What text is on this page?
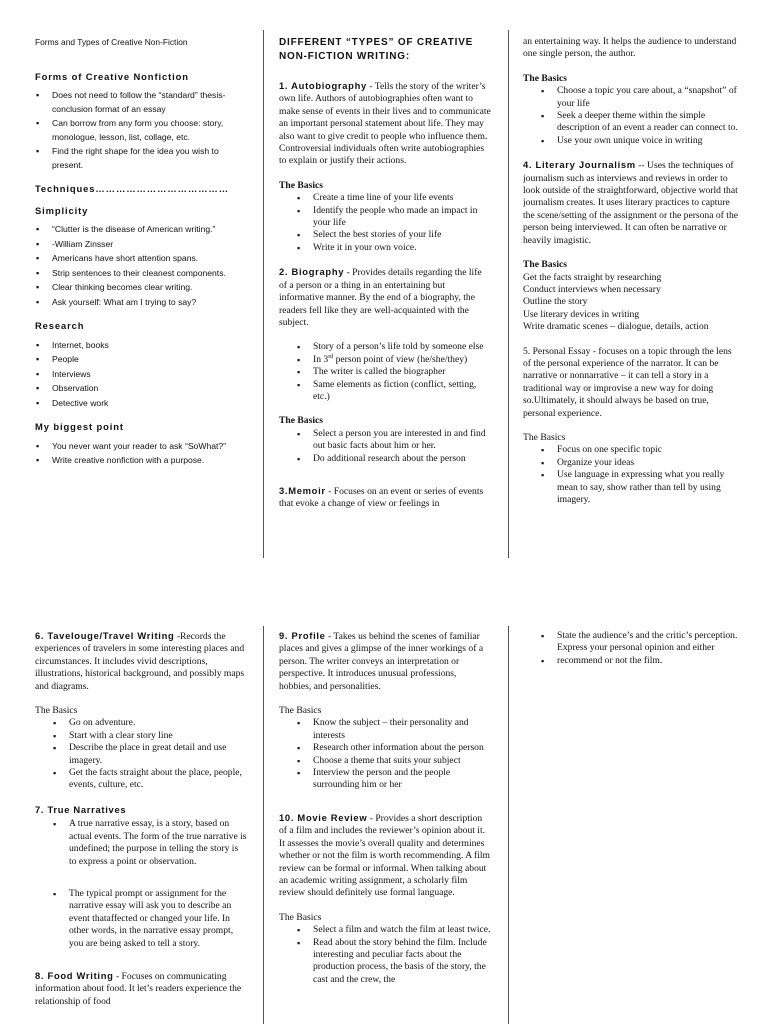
Forms and Types of Creative Non-Fiction
Forms of Creative Nonfiction
▪ Does not need to follow the “standard” thesis-conclusion format of an essay
▪ Can borrow from any form you choose: story, monologue, lesson, list, collage, etc.
▪ Find the right shape for the idea you wish to present.
Techniques…………………………………
Simplicity
▪ “Clutter is the disease of American writing.”
▪ -William Zinsser
▪ Americans have short attention spans.
▪ Strip sentences to their cleanest components.
▪ Clear thinking becomes clear writing.
▪ Ask yourself: What am I trying to say?
Research
▪ Internet, books
▪ People
▪ Interviews
▪ Observation
▪ Detective work
My biggest point
▪ You never want your reader to ask “SoWhat?”
▪ Write creative nonfiction with a purpose.
DIFFERENT “TYPES” OF CREATIVE NON-FICTION WRITING:

1. Autobiography - Tells the story of the writer’s own life. Authors of autobiographies often want to make sense of events in their lives and to communicate an important personal statement about life. They may also want to give credit to people who influence them. Controversial individuals often write autobiographies to explain or justify their actions.

The Basics

▪ Create a time line of your life events
▪ Identify the people who made an impact in your life
▪ Select the best stories of your life
▪ Write it in your own voice.

2. Biography - Provides details regarding the life of a person or a thing in an entertaining but informative manner. By the end of a biography, the readers fell like they are well-acquainted with the subject.

▪ Story of a person’s life told by someone else
▪ In 3rd person point of view (he/she/they)
▪ The writer is called the biographer
▪ Same elements as fiction (conflict, setting, etc.)

The Basics

▪ Select a person you are interested in and find out basic facts about him or her.
▪ Do additional research about the person

3.Memoir - Focuses on an event or series of events that evoke a change of view or feelings in

an entertaining way. It helps the audience to understand one single person, the author.

The Basics

▪ Choose a topic you care about, a “snapshot” of your life
▪ Seek a deeper theme within the simple description of an event a reader can connect to.
▪ Use your own unique voice in writing

4. Literary Journalism -- Uses the techniques of journalism such as interviews and reviews in order to look outside of the straightforward, objective world that journalism creates. It uses literary practices to capture the scene/setting of the assignment or the persona of the person being interviewed. It can often be narrative or heavily imagistic.

The Basics

Get the facts straight by researching

Conduct interviews when necessary

Outline the story

Use literary devices in writing

Write dramatic scenes – dialogue, details, action

5. Personal Essay - focuses on a topic through the lens of the personal experience of the narrator. It can be narrative or nonnarrative – it can tell a story in a traditional way or improvise a new way for doing so.Ultimately, it should always be based on true, personal experience.

The Basics

▪ Focus on one specific topic
▪ Organize your ideas
▪ Use language in expressing what you really mean to say, show rather than tell by using imagery.

6. Tavelouge/Travel Writing -Records the experiences of travelers in some interesting places and circumstances. It includes vivid descriptions, illustrations, historical background, and possibly maps and diagrams.

The Basics

▪ Go on adventure.
▪ Start with a clear story line
▪ Describe the place in great detail and use imagery.
▪ Get the facts straight about the place, people, events, culture, etc.

7. True Narratives

▪ A true narrative essay, is a story, based on actual events. The form of the true narrative is undefined; the purpose in telling the story is to express a point or observation.
▪ The typical prompt or assignment for the narrative essay will ask you to describe an event thataffected or changed your life. In other words, in the narrative essay prompt, you are being asked to tell a story.

8. Food Writing - Focuses on communicating information about food. It let’s readers experience the relationship of food

9. Profile - Takes us behind the scenes of familiar places and gives a glimpse of the inner workings of a person. The writer conveys an interpretation or perspective. It introduces unusual professions, hobbies, and personalities.

The Basics

▪ Know the subject – their personality and interests
▪ Research other information about the person
▪ Choose a theme that suits your subject
▪ Interview the person and the people surrounding him or her

10. Movie Review - Provides a short description of a film and includes the reviewer’s opinion about it. It assesses the movie’s overall quality and determines whether or not the film is worth recommending. A film review can be formal or informal. When talking about an academic writing assignment, a scholarly film review should definitely use formal language.

The Basics

▪ Select a film and watch the film at least twice.
▪ Read about the story behind the film. Include interesting and peculiar facts about the production process, the basis of the story, the cast and the crew, the
▪ State the audience’s and the critic’s perception. Express your personal opinion and either
▪ recommend or not the film.
